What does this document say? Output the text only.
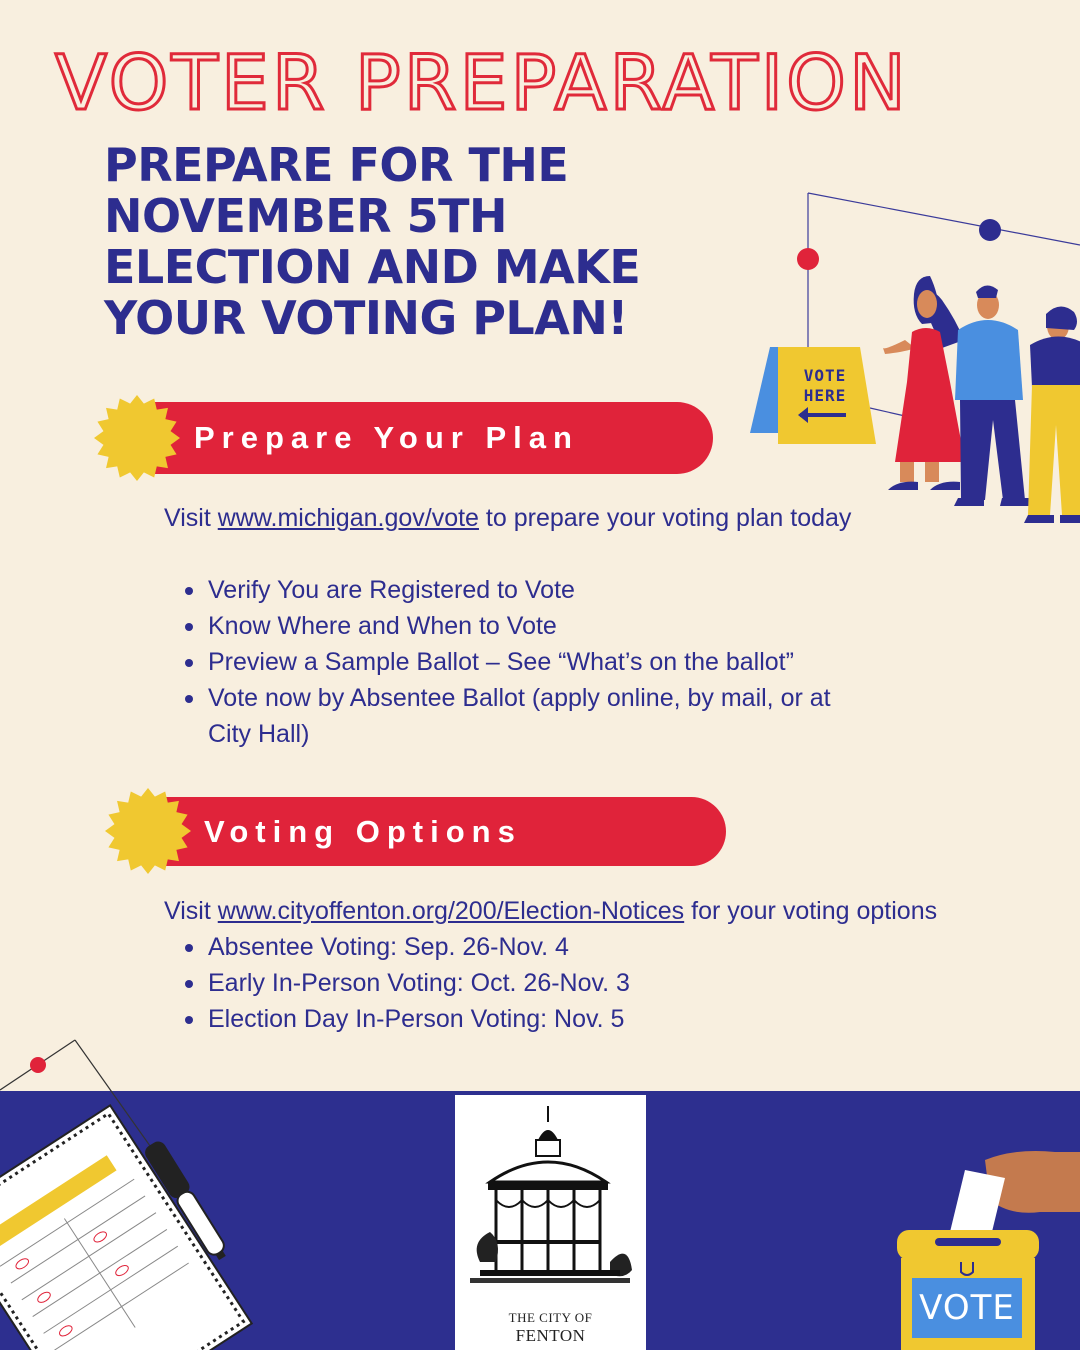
VOTER PREPARATION
PREPARE FOR THE NOVEMBER 5TH ELECTION AND MAKE YOUR VOTING PLAN!
VOTE
HERE
Prepare Your Plan
Visit www.michigan.gov/vote to prepare your voting plan today
Verify You are Registered to Vote
Know Where and When to Vote
Preview a Sample Ballot – See “What’s on the ballot”
Vote now by Absentee Ballot (apply online, by mail, or at City Hall)
Voting Options
Visit www.cityoffenton.org/200/Election-Notices for your voting options
Absentee Voting: Sep. 26-Nov. 4
Early In-Person Voting: Oct. 26-Nov. 3
Election Day In-Person Voting: Nov. 5
THE CITY OF
FENTON
VOTE
